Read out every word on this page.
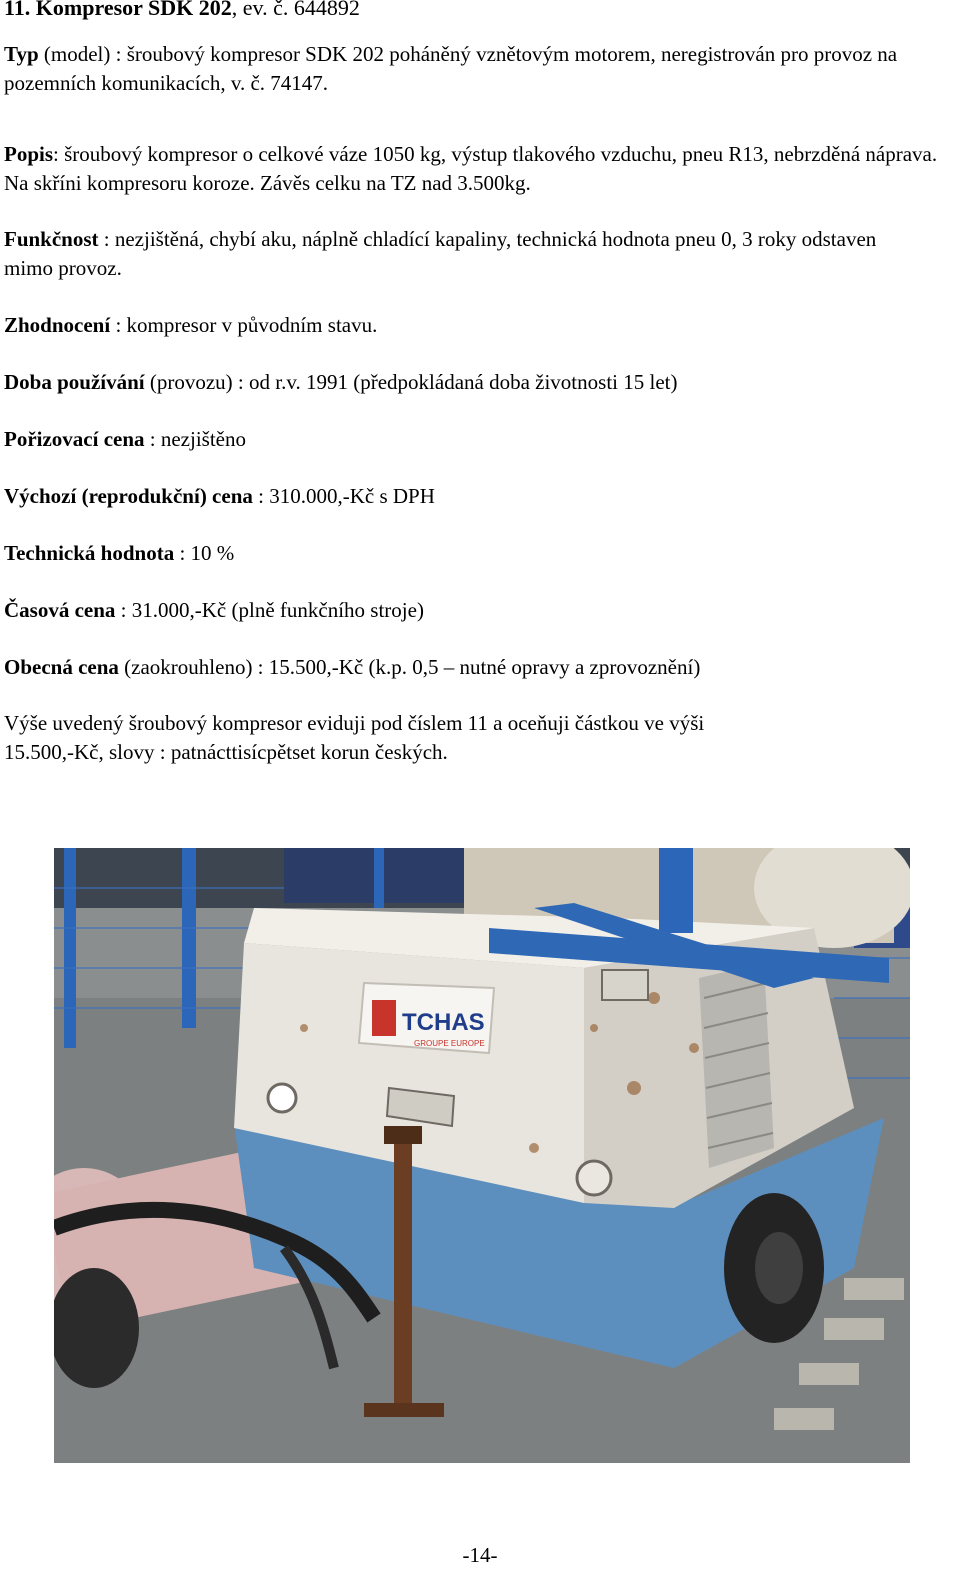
11. Kompresor SDK 202, ev. č. 644892

Typ (model) : šroubový kompresor SDK 202 poháněný vznětovým motorem, neregistrován pro provoz na pozemních komunikacích, v. č. 74147.

Popis: šroubový kompresor o celkové váze 1050 kg, výstup tlakového vzduchu, pneu R13, nebrzděná náprava. Na skříni kompresoru koroze. Závěs celku na TZ nad 3.500kg.

Funkčnost : nezjištěná, chybí aku, náplně chladící kapaliny, technická hodnota pneu 0, 3 roky odstaven mimo provoz.

Zhodnocení : kompresor v původním stavu.

Doba používání (provozu) : od r.v. 1991 (předpokládaná doba životnosti 15 let)

Pořizovací cena : nezjištěno

Výchozí (reprodukční) cena : 310.000,-Kč s DPH

Technická hodnota : 10 %

Časová cena : 31.000,-Kč (plně funkčního stroje)

Obecná cena (zaokrouhleno) : 15.500,-Kč (k.p. 0,5 – nutné opravy a zprovoznění)

Výše uvedený šroubový kompresor eviduji pod číslem 11 a oceňuji částkou ve výši 15.500,-Kč, slovy : patnácttisícpětset korun českých.

TCHAS
GROUPE EUROPE
-14-
